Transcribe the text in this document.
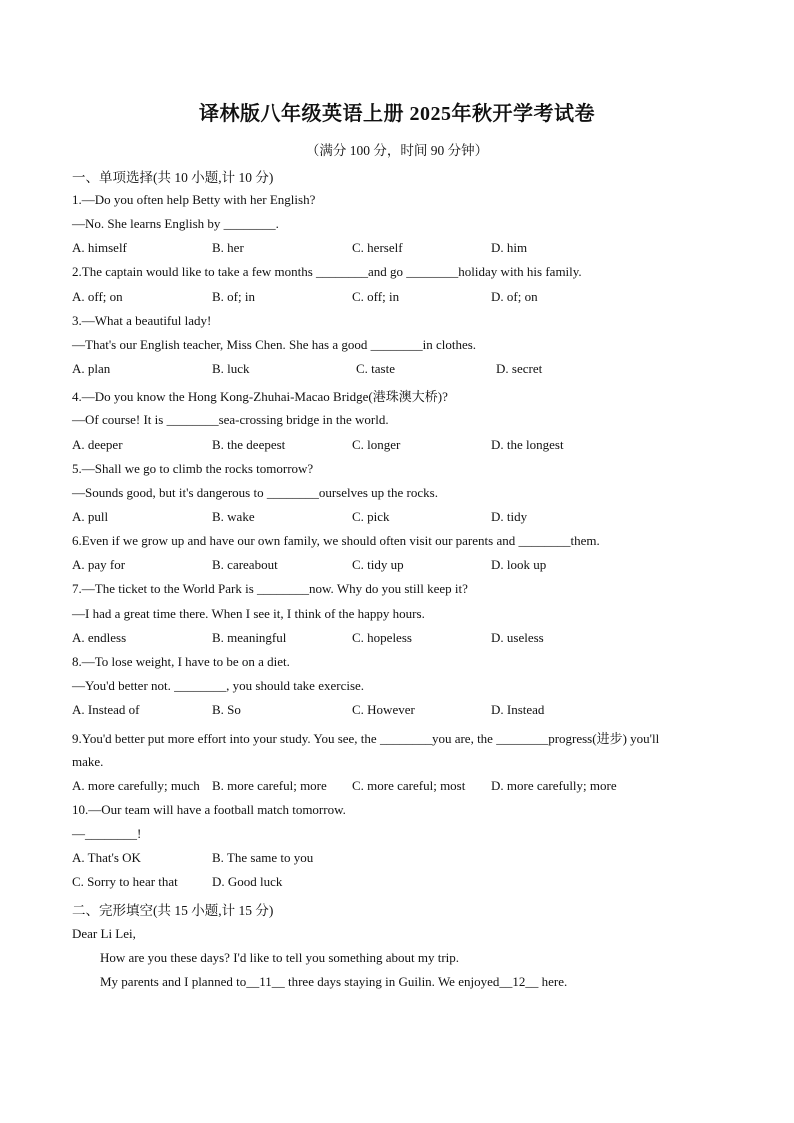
译林版八年级英语上册 2025年秋开学考试卷
（满分 100 分，时间 90 分钟）
一、单项选择(共 10 小题,计 10 分)
1.—Do you often help Betty with her English?
—No. She learns English by ________.
A. himself	B. her	C. herself	D. him
2.The captain would like to take a few months ________and go ________holiday with his family.
A. off; on	B. of; in	C. off; in	D. of; on
3.—What a beautiful lady!
—That's our English teacher, Miss Chen. She has a good ________in clothes.
A. plan	B. luck	C. taste	D. secret
4.—Do you know the Hong Kong-Zhuhai-Macao Bridge(港珠澳大桥)?
—Of course! It is ________sea-crossing bridge in the world.
A. deeper	B. the deepest	C. longer	D. the longest
5.—Shall we go to climb the rocks tomorrow?
—Sounds good, but it's dangerous to ________ourselves up the rocks.
A. pull	B. wake	C. pick	D. tidy
6.Even if we grow up and have our own family, we should often visit our parents and ________them.
A. pay for	B. careabout	C. tidy up	D. look up
7.—The ticket to the World Park is ________now. Why do you still keep it?
—I had a great time there. When I see it, I think of the happy hours.
A. endless	B. meaningful	C. hopeless	D. useless
8.—To lose weight, I have to be on a diet.
—You'd better not. ________, you should take exercise.
A. Instead of	B. So	C. However	D. Instead
9.You'd better put more effort into your study. You see, the ________you are, the ________progress(进步) you'll
make.
A. more carefully; much B. more careful; more C. more careful; most D. more carefully; more
10.—Our team will have a football match tomorrow.
—________!
A. That's OK	B. The same to you
C. Sorry to hear that	D. Good luck
二、完形填空(共 15 小题,计 15 分)
Dear Li Lei,
How are you these days? I'd like to tell you something about my trip.
My parents and I planned to__11__ three days staying in Guilin. We enjoyed__12__ here.
